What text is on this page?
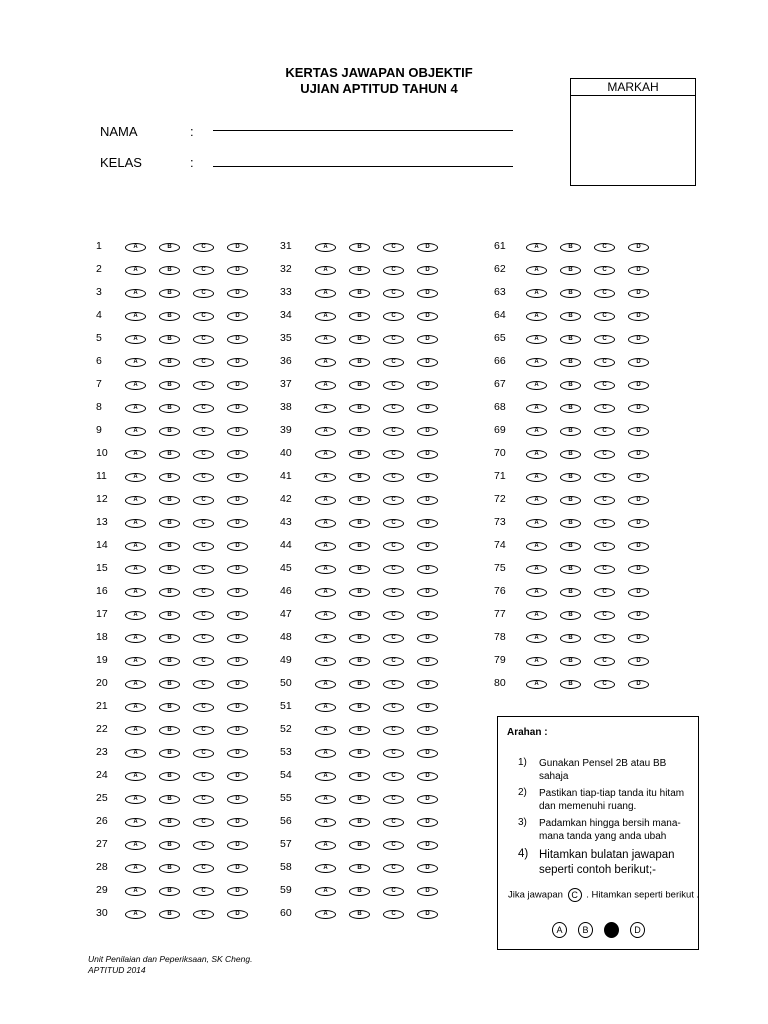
KERTAS JAWAPAN OBJEKTIF
UJIAN APTITUD TAHUN 4	MARKAH
NAMA	:
KELAS	:
1	A	B	C	D
2	A	B	C	D
3	A	B	C	D
4	A	B	C	D
5	A	B	C	D
6	A	B	C	D
7	A	B	C	D
8	A	B	C	D
9	A	B	C	D
10	A	B	C	D
11	A	B	C	D
12	A	B	C	D
13	A	B	C	D
14	A	B	C	D
15	A	B	C	D
16	A	B	C	D
17	A	B	C	D
18	A	B	C	D
19	A	B	C	D
20	A	B	C	D
21	A	B	C	D
22	A	B	C	D
23	A	B	C	D
24	A	B	C	D
25	A	B	C	D
26	A	B	C	D
27	A	B	C	D
28	A	B	C	D
29	A	B	C	D
30	A	B	C	D
31	A	B	C	D
32	A	B	C	D
33	A	B	C	D
34	A	B	C	D
35	A	B	C	D
36	A	B	C	D
37	A	B	C	D
38	A	B	C	D
39	A	B	C	D
40	A	B	C	D
41	A	B	C	D
42	A	B	C	D
43	A	B	C	D
44	A	B	C	D
45	A	B	C	D
46	A	B	C	D
47	A	B	C	D
48	A	B	C	D
49	A	B	C	D
50	A	B	C	D
51	A	B	C	D
52	A	B	C	D
53	A	B	C	D
54	A	B	C	D
55	A	B	C	D
56	A	B	C	D
57	A	B	C	D
58	A	B	C	D
59	A	B	C	D
60	A	B	C	D
61	A	B	C	D
62	A	B	C	D
63	A	B	C	D
64	A	B	C	D
65	A	B	C	D
66	A	B	C	D
67	A	B	C	D
68	A	B	C	D
69	A	B	C	D
70	A	B	C	D
71	A	B	C	D
72	A	B	C	D
73	A	B	C	D
74	A	B	C	D
75	A	B	C	D
76	A	B	C	D
77	A	B	C	D
78	A	B	C	D
79	A	B	C	D
80	A	B	C	D
Arahan :
1) Gunakan Pensel 2B atau BB sahaja
2) Pastikan tiap-tiap tanda itu hitam dan memenuhi ruang.
3) Padamkan hingga bersih mana-mana tanda yang anda ubah
4) Hitamkan bulatan jawapan seperti contoh berikut;-
Jika jawapan C . Hitamkan seperti berikut .
A	B	D
Unit Penilaian dan Peperiksaan, SK Cheng.
APTITUD 2014
